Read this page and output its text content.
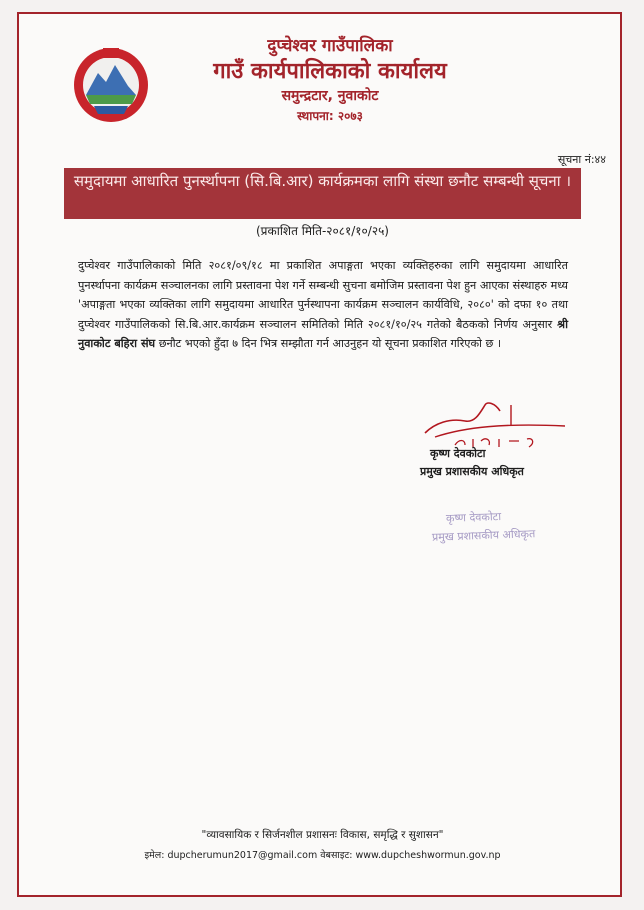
दुप्चेश्वर गाउँपालिका
गाउँ कार्यपालिकाको कार्यालय
समुन्द्रटार, नुवाकोट
स्थापना: २०७३
सूचना नं:४४
समुदायमा आधारित पुनर्स्थापना (सि.बि.आर) कार्यक्रमका लागि संस्था छनौट सम्बन्धी सूचना ।
(प्रकाशित मिति-२०८१/१०/२५)
दुप्चेश्वर गाउँपालिकाको मिति २०८१/०९/१८ मा प्रकाशित अपाङ्गता भएका व्यक्तिहरुका लागि समुदायमा आधारित पुनर्स्थापना कार्यक्रम सञ्चालनका लागि प्रस्तावना पेश गर्ने सम्बन्धी सुचना बमोजिम प्रस्तावना पेश हुन आएका संस्थाहरु मध्य 'अपाङ्गता भएका व्यक्तिका लागि समुदायमा आधारित पुर्नस्थापना कार्यक्रम सञ्चालन कार्यविधि, २०८०' को दफा १० तथा दुप्चेश्वर गाउँपालिकको सि.बि.आर.कार्यक्रम सञ्चालन समितिको मिति २०८१/१०/२५ गतेको बैठकको निर्णय अनुसार श्री नुवाकोट बहिरा संघ छनौट भएको हुँदा ७ दिन भित्र सम्झौता गर्न आउनुहन यो सूचना प्रकाशित गरिएको छ ।
कृष्ण देवकोटा
प्रमुख प्रशासकीय अधिकृत
कृष्ण देवकोटा
प्रमुख प्रशासकीय अधिकृत
"व्यावसायिक र सिर्जनशील प्रशासनः विकास, समृद्धि र सुशासन"
इमेल: dupcherumun2017@gmail.com वेबसाइट: www.dupcheshwormun.gov.np
